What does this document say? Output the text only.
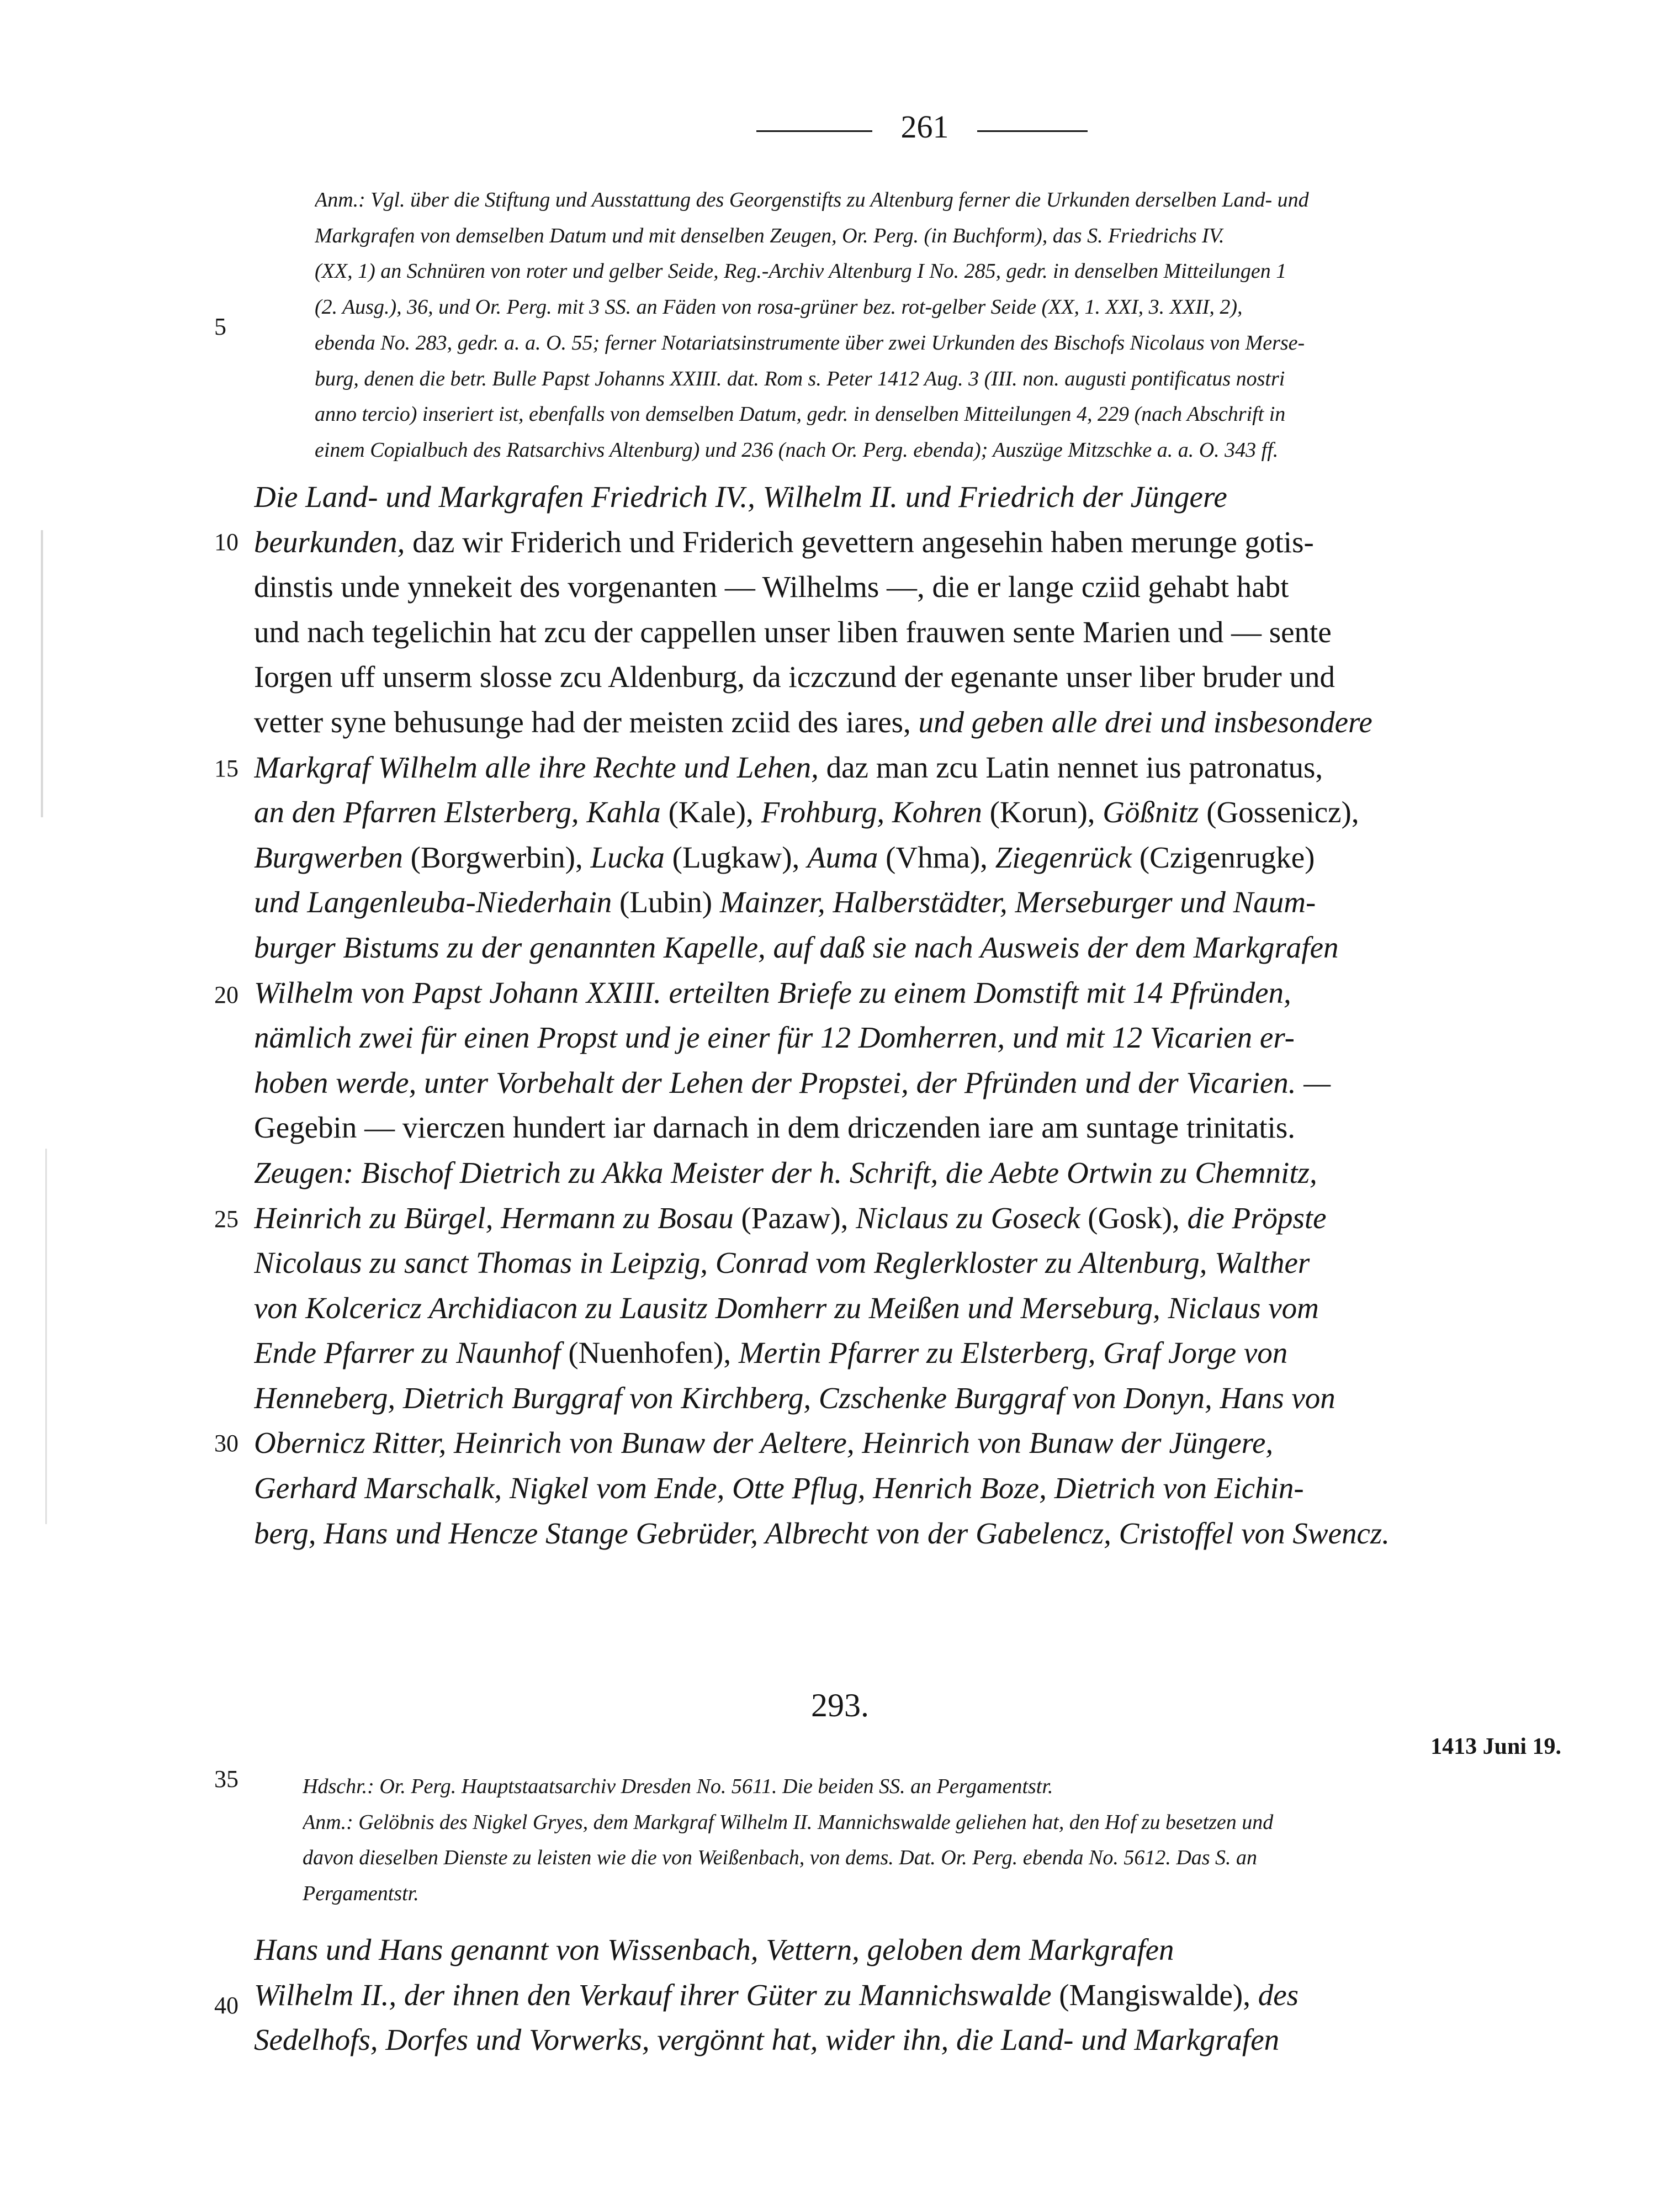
261
Anm.: Vgl. über die Stiftung und Ausstattung des Georgenstifts zu Altenburg ferner die Urkunden derselben Land- und
Markgrafen von demselben Datum und mit denselben Zeugen, Or. Perg. (in Buchform), das S. Friedrichs IV.
(XX, 1) an Schnüren von roter und gelber Seide, Reg.-Archiv Altenburg I No. 285, gedr. in denselben Mitteilungen 1
(2. Ausg.), 36, und Or. Perg. mit 3 SS. an Fäden von rosa-grüner bez. rot-gelber Seide (XX, 1. XXI, 3. XXII, 2),
ebenda No. 283, gedr. a. a. O. 55; ferner Notariatsinstrumente über zwei Urkunden des Bischofs Nicolaus von Merse-
burg, denen die betr. Bulle Papst Johanns XXIII. dat. Rom s. Peter 1412 Aug. 3 (III. non. augusti pontificatus nostri
anno tercio) inseriert ist, ebenfalls von demselben Datum, gedr. in denselben Mitteilungen 4, 229 (nach Abschrift in
einem Copialbuch des Ratsarchivs Altenburg) und 236 (nach Or. Perg. ebenda); Auszüge Mitzschke a. a. O. 343 ff.
Die Land- und Markgrafen Friedrich IV., Wilhelm II. und Friedrich der Jüngere
beurkunden, daz wir Friderich und Friderich gevettern angesehin haben merunge gotis-
dinstis unde ynnekeit des vorgenanten — Wilhelms —, die er lange cziid gehabt habt
und nach tegelichin hat zcu der cappellen unser liben frauwen sente Marien und — sente
Iorgen uff unserm slosse zcu Aldenburg, da iczczund der egenante unser liber bruder und
vetter syne behusunge had der meisten zciid des iares, und geben alle drei und insbesondere
Markgraf Wilhelm alle ihre Rechte und Lehen, daz man zcu Latin nennet ius patronatus,
an den Pfarren Elsterberg, Kahla (Kale), Frohburg, Kohren (Korun), Gößnitz (Gossenicz),
Burgwerben (Borgwerbin), Lucka (Lugkaw), Auma (Vhma), Ziegenrück (Czigenrugke)
und Langenleuba-Niederhain (Lubin) Mainzer, Halberstädter, Merseburger und Naum-
burger Bistums zu der genannten Kapelle, auf daß sie nach Ausweis der dem Markgrafen
Wilhelm von Papst Johann XXIII. erteilten Briefe zu einem Domstift mit 14 Pfründen,
nämlich zwei für einen Propst und je einer für 12 Domherren, und mit 12 Vicarien er-
hoben werde, unter Vorbehalt der Lehen der Propstei, der Pfründen und der Vicarien. —
Gegebin — vierczen hundert iar darnach in dem driczenden iare am suntage trinitatis.
Zeugen: Bischof Dietrich zu Akka Meister der h. Schrift, die Aebte Ortwin zu Chemnitz,
Heinrich zu Bürgel, Hermann zu Bosau (Pazaw), Niclaus zu Goseck (Gosk), die Pröpste
Nicolaus zu sanct Thomas in Leipzig, Conrad vom Reglerkloster zu Altenburg, Walther
von Kolcericz Archidiacon zu Lausitz Domherr zu Meißen und Merseburg, Niclaus vom
Ende Pfarrer zu Naunhof (Nuenhofen), Mertin Pfarrer zu Elsterberg, Graf Jorge von
Henneberg, Dietrich Burggraf von Kirchberg, Czschenke Burggraf von Donyn, Hans von
Obernicz Ritter, Heinrich von Bunaw der Aeltere, Heinrich von Bunaw der Jüngere,
Gerhard Marschalk, Nigkel vom Ende, Otte Pflug, Henrich Boze, Dietrich von Eichin-
berg, Hans und Hencze Stange Gebrüder, Albrecht von der Gabelencz, Cristoffel von Swencz.
293.
1413 Juni 19.
Hdschr.: Or. Perg. Hauptstaatsarchiv Dresden No. 5611. Die beiden SS. an Pergamentstr.
Anm.: Gelöbnis des Nigkel Gryes, dem Markgraf Wilhelm II. Mannichswalde geliehen hat, den Hof zu besetzen und
davon dieselben Dienste zu leisten wie die von Weißenbach, von dems. Dat. Or. Perg. ebenda No. 5612. Das S. an
Pergamentstr.
Hans und Hans genannt von Wissenbach, Vettern, geloben dem Markgrafen
Wilhelm II., der ihnen den Verkauf ihrer Güter zu Mannichswalde (Mangiswalde), des
Sedelhofs, Dorfes und Vorwerks, vergönnt hat, wider ihn, die Land- und Markgrafen
5
10
15
20
25
30
35
40
